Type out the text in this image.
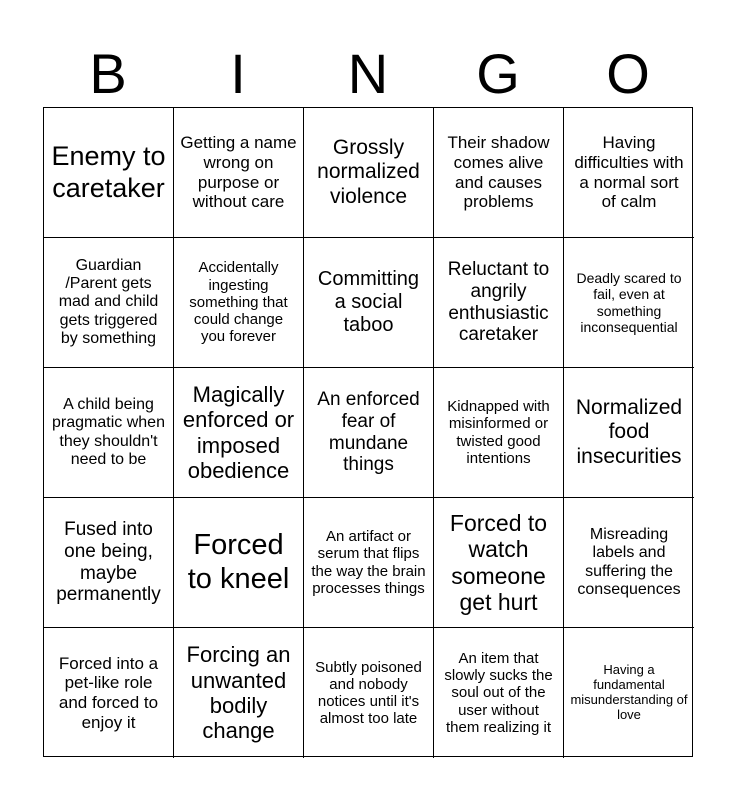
B	I	N	G	O
Enemy to caretaker
Getting a name wrong on purpose or without care
Grossly normalized violence
Their shadow comes alive and causes problems
Having difficulties with a normal sort of calm
Guardian /Parent gets mad and child gets triggered by something
Accidentally ingesting something that could change you forever
Committing a social taboo
Reluctant to angrily enthusiastic caretaker
Deadly scared to fail, even at something inconsequential
A child being pragmatic when they shouldn't need to be
Magically enforced or imposed obedience
An enforced fear of mundane things
Kidnapped with misinformed or twisted good intentions
Normalized food insecurities
Fused into one being, maybe permanently
Forced to kneel
An artifact or serum that flips the way the brain processes things
Forced to watch someone get hurt
Misreading labels and suffering the consequences
Forced into a pet-like role and forced to enjoy it
Forcing an unwanted bodily change
Subtly poisoned and nobody notices until it's almost too late
An item that slowly sucks the soul out of the user without them realizing it
Having a fundamental misunderstanding of love
